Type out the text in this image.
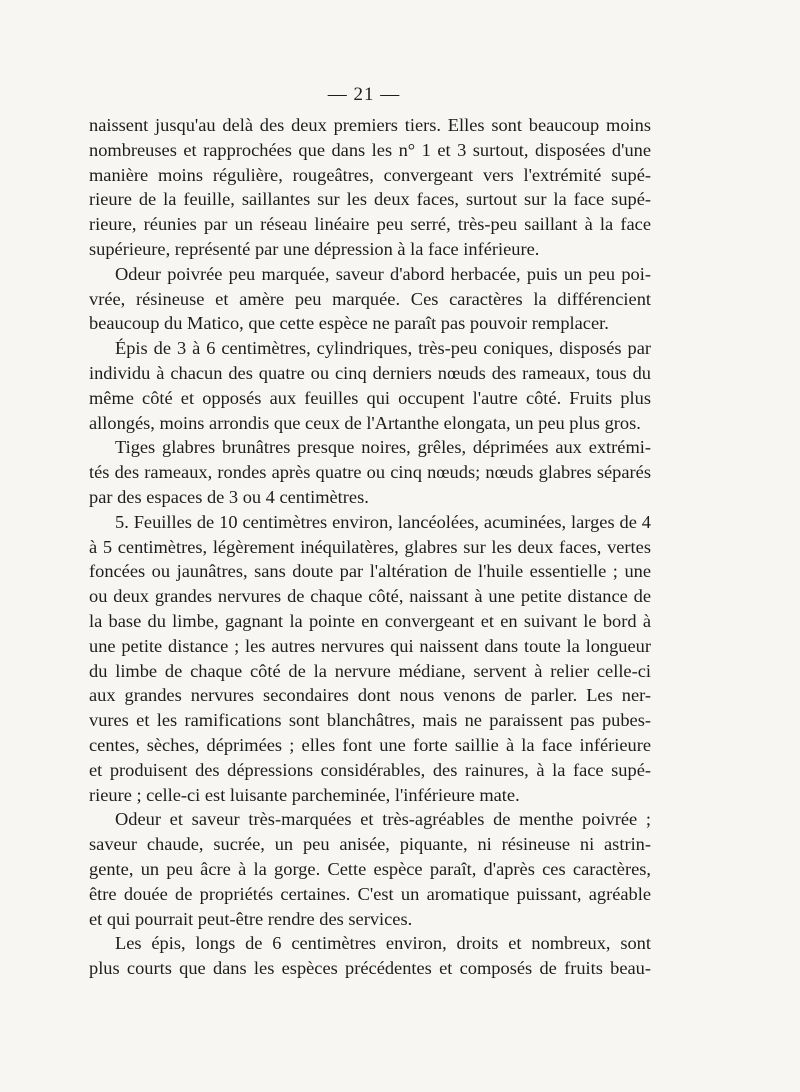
— 21 —

naissent jusqu'au delà des deux premiers tiers. Elles sont beaucoup moins

nombreuses et rapprochées que dans les n° 1 et 3 surtout, disposées d'une

manière moins régulière, rougeâtres, convergeant vers l'extrémité supé-

rieure de la feuille, saillantes sur les deux faces, surtout sur la face supé-

rieure, réunies par un réseau linéaire peu serré, très-peu saillant à la face

supérieure, représenté par une dépression à la face inférieure.

Odeur poivrée peu marquée, saveur d'abord herbacée, puis un peu poi-

vrée, résineuse et amère peu marquée. Ces caractères la différencient

beaucoup du Matico, que cette espèce ne paraît pas pouvoir remplacer.

Épis de 3 à 6 centimètres, cylindriques, très-peu coniques, disposés par

individu à chacun des quatre ou cinq derniers nœuds des rameaux, tous du

même côté et opposés aux feuilles qui occupent l'autre côté. Fruits plus

allongés, moins arrondis que ceux de l'Artanthe elongata, un peu plus gros.

Tiges glabres brunâtres presque noires, grêles, déprimées aux extrémi-

tés des rameaux, rondes après quatre ou cinq nœuds; nœuds glabres séparés

par des espaces de 3 ou 4 centimètres.

5. Feuilles de 10 centimètres environ, lancéolées, acuminées, larges de 4

à 5 centimètres, légèrement inéquilatères, glabres sur les deux faces, vertes

foncées ou jaunâtres, sans doute par l'altération de l'huile essentielle ; une

ou deux grandes nervures de chaque côté, naissant à une petite distance de

la base du limbe, gagnant la pointe en convergeant et en suivant le bord à

une petite distance ; les autres nervures qui naissent dans toute la longueur

du limbe de chaque côté de la nervure médiane, servent à relier celle-ci

aux grandes nervures secondaires dont nous venons de parler. Les ner-

vures et les ramifications sont blanchâtres, mais ne paraissent pas pubes-

centes, sèches, déprimées ; elles font une forte saillie à la face inférieure

et produisent des dépressions considérables, des rainures, à la face supé-

rieure ; celle-ci est luisante parcheminée, l'inférieure mate.

Odeur et saveur très-marquées et très-agréables de menthe poivrée ;

saveur chaude, sucrée, un peu anisée, piquante, ni résineuse ni astrin-

gente, un peu âcre à la gorge. Cette espèce paraît, d'après ces caractères,

être douée de propriétés certaines. C'est un aromatique puissant, agréable

et qui pourrait peut-être rendre des services.

Les épis, longs de 6 centimètres environ, droits et nombreux, sont

plus courts que dans les espèces précédentes et composés de fruits beau-
